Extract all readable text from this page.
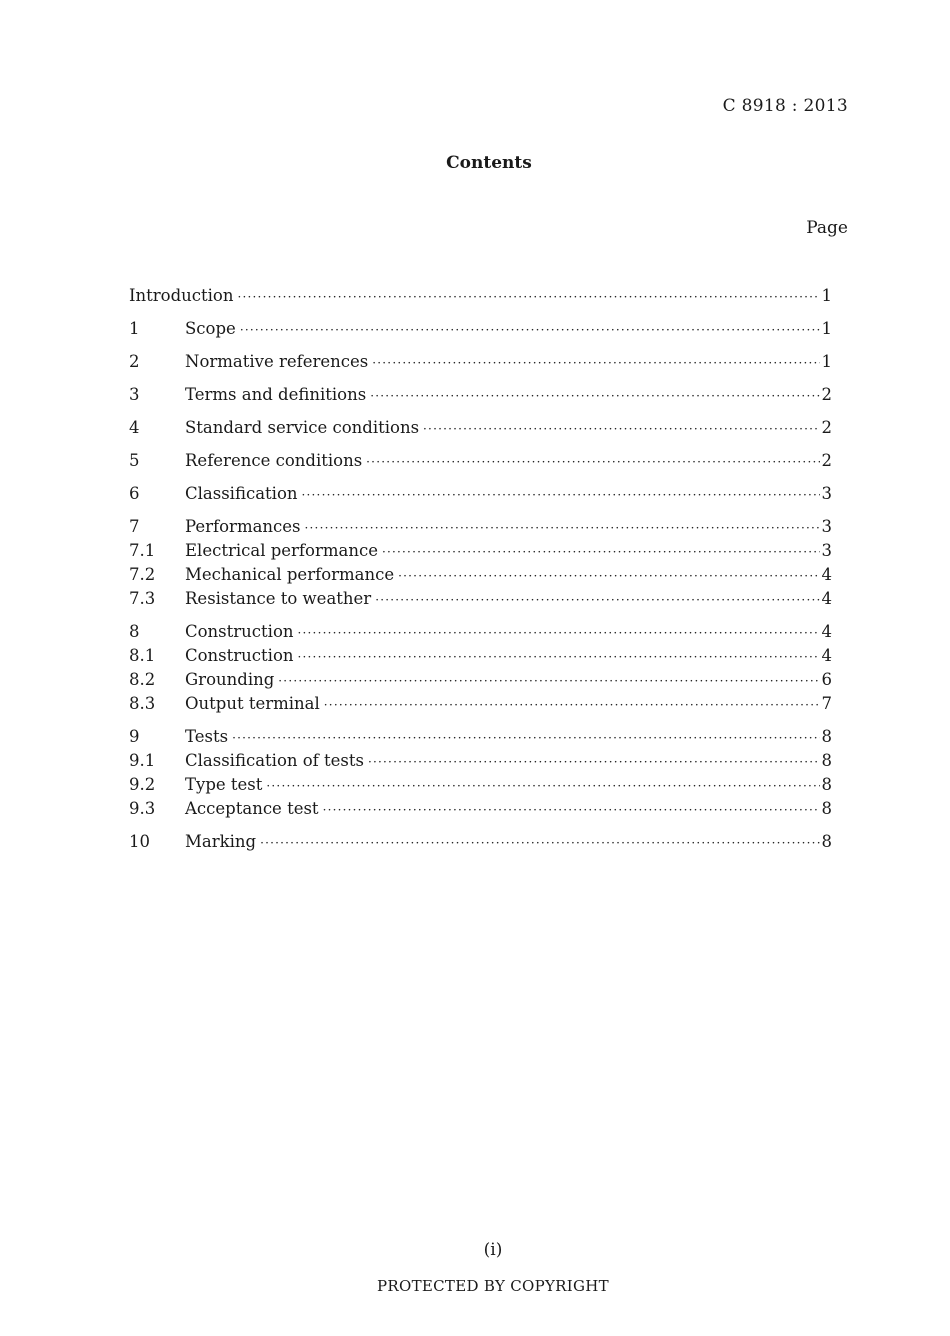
C 8918 : 2013
Contents
Page
Introduction ·····	1
1	Scope ·····	1
2	Normative references ·····	1
3	Terms and definitions ·····	2
4	Standard service conditions ·····	2
5	Reference conditions ·····	2
6	Classification ·····	3
7	Performances ·····	3
7.1	Electrical performance ·····	3
7.2	Mechanical performance ·····	4
7.3	Resistance to weather ·····	4
8	Construction ·····	4
8.1	Construction ·····	4
8.2	Grounding ·····	6
8.3	Output terminal ·····	7
9	Tests ·····	8
9.1	Classification of tests ·····	8
9.2	Type test ·····	8
9.3	Acceptance test ·····	8
10	Marking ·····	8
(i)
PROTECTED BY COPYRIGHT
